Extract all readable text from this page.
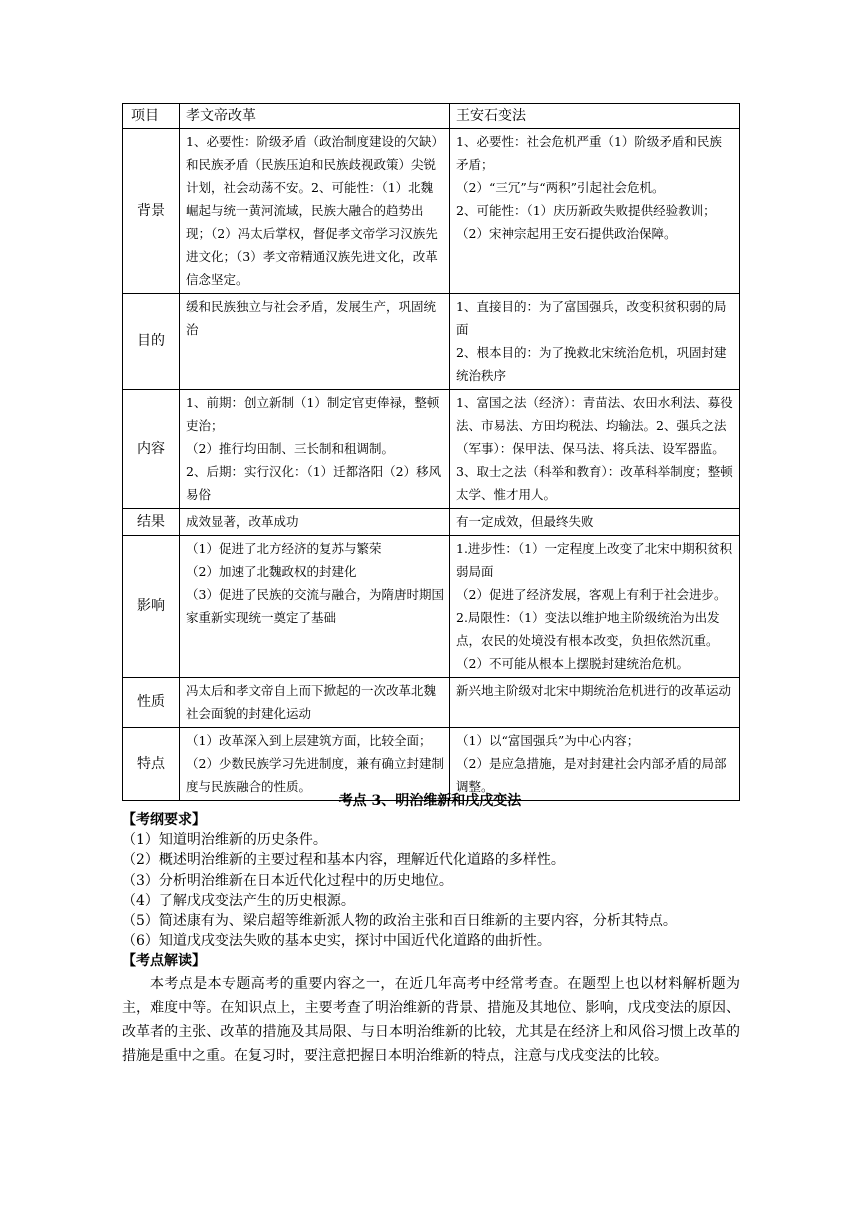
项目	孝文帝改革	王安石变法
背景	1、必要性：阶级矛盾（政治制度建设的欠缺）和民族矛盾（民族压迫和民族歧视政策）尖锐计划，社会动荡不安。2、可能性：（1）北魏崛起与统一黄河流域，民族大融合的趋势出现；（2）冯太后掌权，督促孝文帝学习汉族先进文化；（3）孝文帝精通汉族先进文化，改革信念坚定。	1、必要性：社会危机严重（1）阶级矛盾和民族矛盾；
（2）“三冗”与“两积”引起社会危机。
2、可能性：（1）庆历新政失败提供经验教训；
（2）宋神宗起用王安石提供政治保障。

目的	缓和民族独立与社会矛盾，发展生产，巩固统治	1、直接目的：为了富国强兵，改变积贫积弱的局面
2、根本目的：为了挽救北宋统治危机，巩固封建统治秩序

内容	1、前期：创立新制（1）制定官吏俸禄，整顿吏治；
（2）推行均田制、三长制和租调制。
2、后期：实行汉化：（1）迁都洛阳（2）移风易俗	1、富国之法（经济）：青苗法、农田水利法、募役法、市易法、方田均税法、均输法。2、强兵之法（军事）：保甲法、保马法、将兵法、设军器监。3、取士之法（科举和教育）：改革科举制度；整顿太学、惟才用人。

结果	成效显著，改革成功	有一定成效，但最终失败

影响	（1）促进了北方经济的复苏与繁荣
（2）加速了北魏政权的封建化
（3）促进了民族的交流与融合，为隋唐时期国家重新实现统一奠定了基础	1.进步性：（1）一定程度上改变了北宋中期积贫积弱局面
（2）促进了经济发展，客观上有利于社会进步。
2.局限性：（1）变法以维护地主阶级统治为出发点，农民的处境没有根本改变，负担依然沉重。
（2）不可能从根本上摆脱封建统治危机。

性质	冯太后和孝文帝自上而下掀起的一次改革北魏社会面貌的封建化运动	新兴地主阶级对北宋中期统治危机进行的改革运动

特点	（1）改革深入到上层建筑方面，比较全面；
（2）少数民族学习先进制度，兼有确立封建制度与民族融合的性质。	（1）以“富国强兵”为中心内容；
（2）是应急措施，是对封建社会内部矛盾的局部调整。
考点 3、明治维新和戊戌变法
【考纲要求】
（1）知道明治维新的历史条件。
（2）概述明治维新的主要过程和基本内容，理解近代化道路的多样性。
（3）分析明治维新在日本近代化过程中的历史地位。
（4）了解戊戌变法产生的历史根源。
（5）简述康有为、梁启超等维新派人物的政治主张和百日维新的主要内容，分析其特点。
（6）知道戊戌变法失败的基本史实，探讨中国近代化道路的曲折性。
【考点解读】
本考点是本专题高考的重要内容之一，在近几年高考中经常考查。在题型上也以材料解析题为主，难度中等。在知识点上，主要考查了明治维新的背景、措施及其地位、影响，戊戌变法的原因、改革者的主张、改革的措施及其局限、与日本明治维新的比较，尤其是在经济上和风俗习惯上改革的措施是重中之重。在复习时，要注意把握日本明治维新的特点，注意与戊戌变法的比较。
